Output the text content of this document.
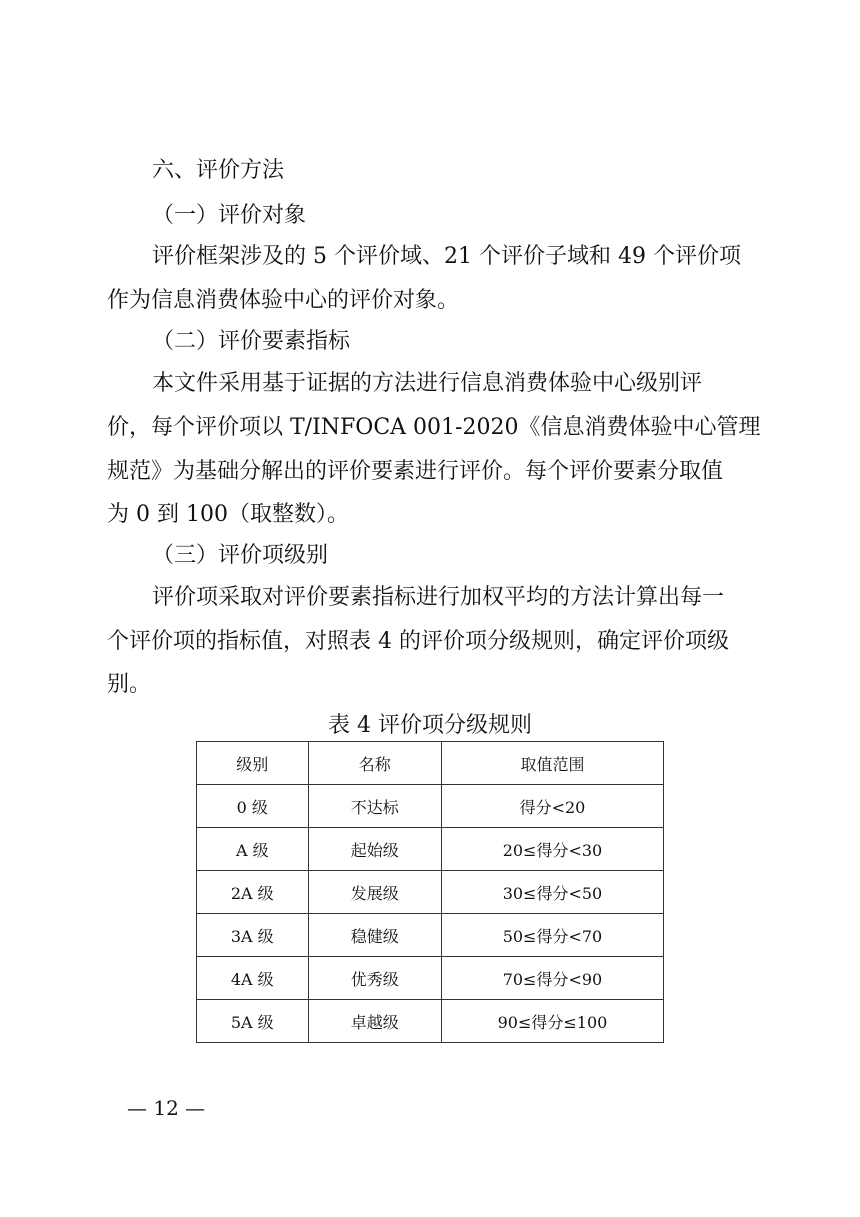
六、评价方法
（一）评价对象
评价框架涉及的 5 个评价域、21 个评价子域和 49 个评价项
作为信息消费体验中心的评价对象。
（二）评价要素指标
本文件采用基于证据的方法进行信息消费体验中心级别评
价，每个评价项以 T/INFOCA 001-2020《信息消费体验中心管理
规范》为基础分解出的评价要素进行评价。每个评价要素分取值
为 0 到 100（取整数）。
（三）评价项级别
评价项采取对评价要素指标进行加权平均的方法计算出每一
个评价项的指标值，对照表 4 的评价项分级规则，确定评价项级
别。
表 4 评价项分级规则
级别	名称	取值范围
0 级	不达标	得分<20
A 级	起始级	20≤得分<30
2A 级	发展级	30≤得分<50
3A 级	稳健级	50≤得分<70
4A 级	优秀级	70≤得分<90
5A 级	卓越级	90≤得分≤100
— 12 —
